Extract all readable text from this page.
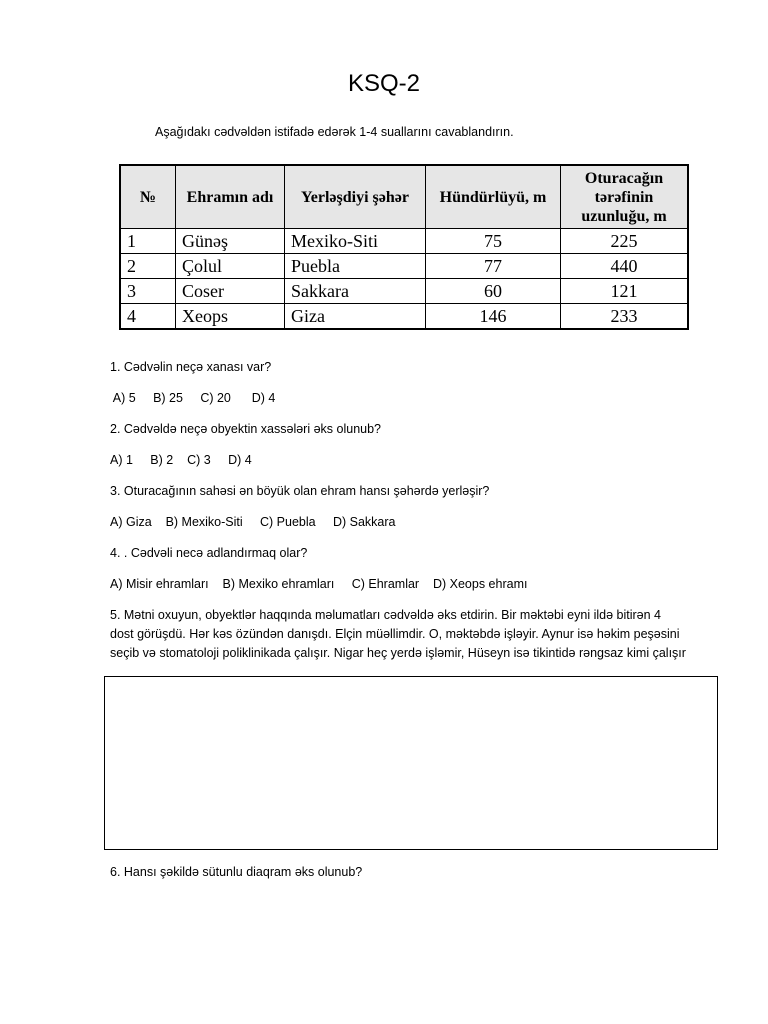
KSQ-2
Aşağıdakı cədvəldən istifadə edərək 1-4 suallarını cavablandırın.
№	Ehramın adı	Yerləşdiyi şəhər	Hündürlüyü, m	Oturacağın tərəfinin uzunluğu, m
1	Günəş	Mexiko-Siti	75	225
2	Çolul	Puebla	77	440
3	Coser	Sakkara	60	121
4	Xeops	Giza	146	233
1. Cədvəlin neçə xanası var?
A) 5     B) 25     C) 20      D) 4
2. Cədvəldə neçə obyektin xassələri əks olunub?
A) 1     B) 2    C) 3     D) 4
3. Oturacağının sahəsi ən böyük olan ehram hansı şəhərdə yerləşir?
A) Giza    B) Mexiko-Siti     C) Puebla     D) Sakkara
4. . Cədvəli necə adlandırmaq olar?
A) Misir ehramları    B) Mexiko ehramları     C) Ehramlar    D) Xeops ehramı
5. Mətni oxuyun, obyektlər haqqında məlumatları cədvəldə əks etdirin. Bir məktəbi eyni ildə bitirən 4
dost görüşdü. Hər kəs özündən danışdı. Elçin müəllimdir. O, məktəbdə işləyir. Aynur isə həkim peşəsini
seçib və stomatoloji poliklinikada çalışır. Nigar heç yerdə işləmir, Hüseyn isə tikintidə rəngsaz kimi çalışır
6. Hansı şəkildə sütunlu diaqram əks olunub?
